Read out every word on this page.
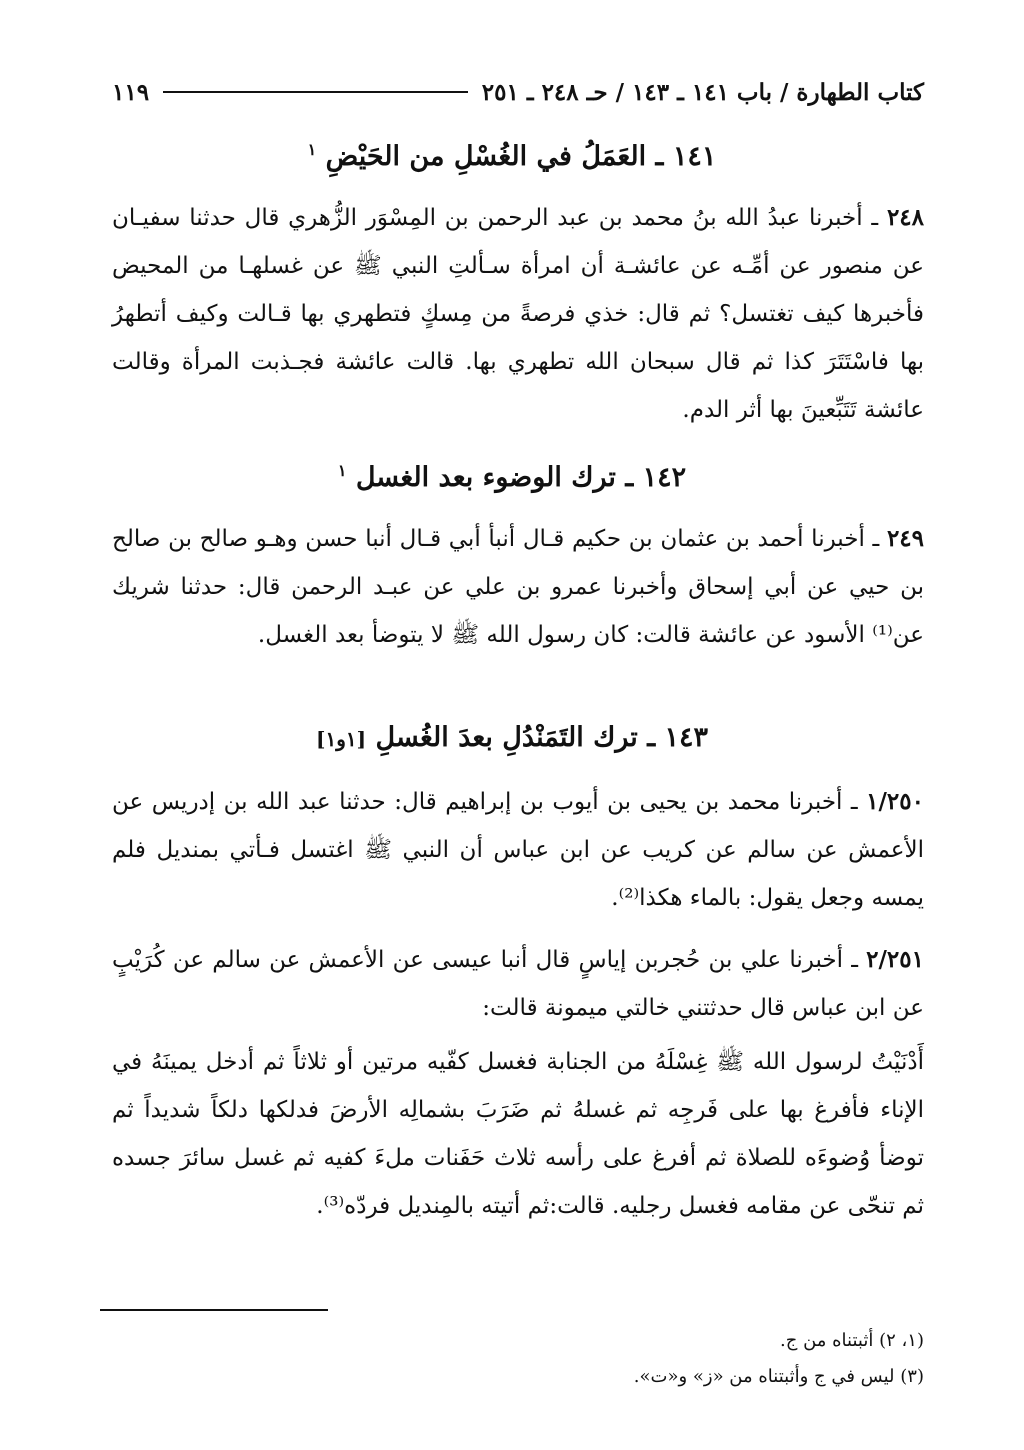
كتاب الطهارة / باب ١٤١ ـ ١٤٣ / حـ ٢٤٨ ـ ٢٥١
١١٩
١٤١ ـ العَمَلُ في الغُسْلِ من الحَيْضِ $^١$

٢٤٨ ـ أخبرنا عبدُ الله بنُ محمد بن عبد الرحمن بن المِسْوَر الزُّهري قال حدثنا سفيـان عن منصور عن أمِّـه عن عائشـة أن امرأة سـألتِ النبي ﷺ عن غسلهـا من المحيض فأخبرها كيف تغتسل؟ ثم قال: خذي فرصةً من مِسكٍ فتطهري بها قـالت وكيف أتطهرُ بها فاسْتَتَرَ كذا ثم قال سبحان الله تطهري بها. قالت عائشة فجـذبت المرأة وقالت عائشة تَتَبِّعينَ بها أثر الدم.

١٤٢ ـ ترك الوضوء بعد الغسل $^١$

٢٤٩ ـ أخبرنا أحمد بن عثمان بن حكيم قـال أنبأ أبي قـال أنبا حسن وهـو صالح بن صالح بن حيي عن أبي إسحاق وأخبرنا عمرو بن علي عن عبـد الرحمن قال: حدثنا شريك عن⁽¹⁾ الأسود عن عائشة قالت: كان رسول الله ﷺ لا يتوضأ بعد الغسل.

١٤٣ ـ ترك التَمَنْدُلِ بعدَ الغُسلِ [١و١]

١/٢٥٠ ـ أخبرنا محمد بن يحيى بن أيوب بن إبراهيم قال: حدثنا عبد الله بن إدريس عن الأعمش عن سالم عن كريب عن ابن عباس أن النبي ﷺ اغتسل فـأتي بمنديل فلم يمسه وجعل يقول: بالماء هكذا⁽²⁾.

٢/٢٥١ ـ أخبرنا علي بن حُجربن إياسٍ قال أنبا عيسى عن الأعمش عن سالم عن كُرَيْبٍ عن ابن عباس قال حدثتني خالتي ميمونة قالت:

أَدْنَيْتُ لرسول الله ﷺ غِسْلَهُ من الجنابة فغسل كفّيه مرتين أو ثلاثاً ثم أدخل يمينَهُ في الإناء فأفرغ بها على فَرجِه ثم غسلهُ ثم ضَرَبَ بشمالِه الأرضَ فدلكها دلكاً شديداً ثم توضأ وُضوءَه للصلاة ثم أفرغ على رأسه ثلاث حَفَنات ملءَ كفيه ثم غسل سائرَ جسده ثم تنحّى عن مقامه فغسل رجليه. قالت:ثم أتيته بالمِنديل فردّه⁽³⁾.

(١، ٢) أثبتناه من ج.
(٣) ليس في ج وأثبتناه من «ز» و«ت».
